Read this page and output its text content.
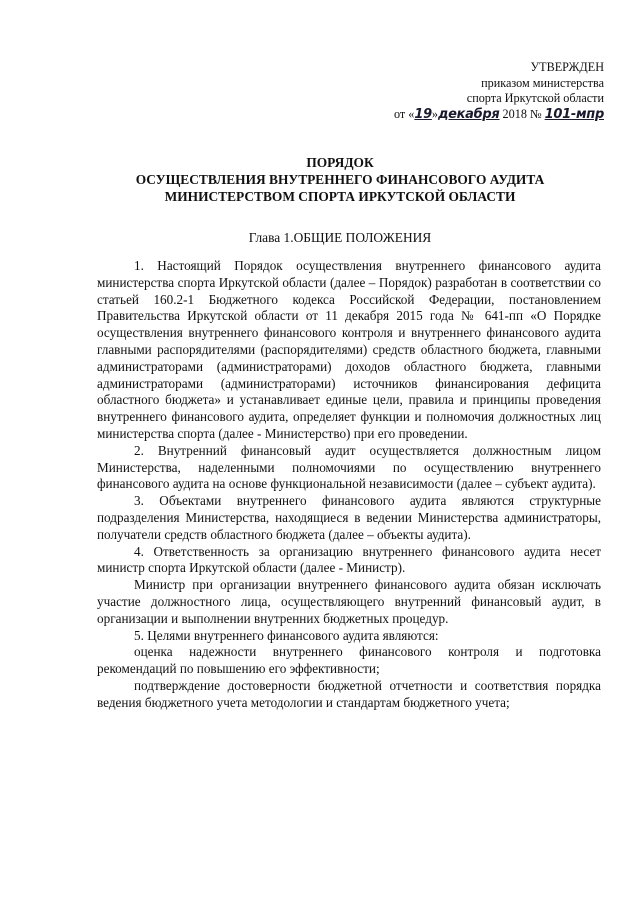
УТВЕРЖДЕН
приказом министерства
спорта Иркутской области
от «19»декабря 2018 № 101-мпр
ПОРЯДОК
ОСУЩЕСТВЛЕНИЯ ВНУТРЕННЕГО ФИНАНСОВОГО АУДИТА
МИНИСТЕРСТВОМ СПОРТА ИРКУТСКОЙ ОБЛАСТИ
Глава 1.ОБЩИЕ ПОЛОЖЕНИЯ

1. Настоящий Порядок осуществления внутреннего финансового аудита министерства спорта Иркутской области (далее – Порядок) разработан в соответствии со статьей 160.2-1 Бюджетного кодекса Российской Федерации, постановлением Правительства Иркутской области от 11 декабря 2015 года № 641-пп «О Порядке осуществления внутреннего финансового контроля и внутреннего финансового аудита главными распорядителями (распорядителями) средств областного бюджета, главными администраторами (администраторами) доходов областного бюджета, главными администраторами (администраторами) источников финансирования дефицита областного бюджета» и устанавливает единые цели, правила и принципы проведения внутреннего финансового аудита, определяет функции и полномочия должностных лиц министерства спорта (далее - Министерство) при его проведении.

2. Внутренний финансовый аудит осуществляется должностным лицом Министерства, наделенными полномочиями по осуществлению внутреннего финансового аудита на основе функциональной независимости (далее – субъект аудита).

3. Объектами внутреннего финансового аудита являются структурные подразделения Министерства, находящиеся в ведении Министерства администраторы, получатели средств областного бюджета (далее – объекты аудита).

4. Ответственность за организацию внутреннего финансового аудита несет министр спорта Иркутской области (далее - Министр).

Министр при организации внутреннего финансового аудита обязан исключать участие должностного лица, осуществляющего внутренний финансовый аудит, в организации и выполнении внутренних бюджетных процедур.

5. Целями внутреннего финансового аудита являются:

оценка надежности внутреннего финансового контроля и подготовка рекомендаций по повышению его эффективности;

подтверждение достоверности бюджетной отчетности и соответствия порядка ведения бюджетного учета методологии и стандартам бюджетного учета;
